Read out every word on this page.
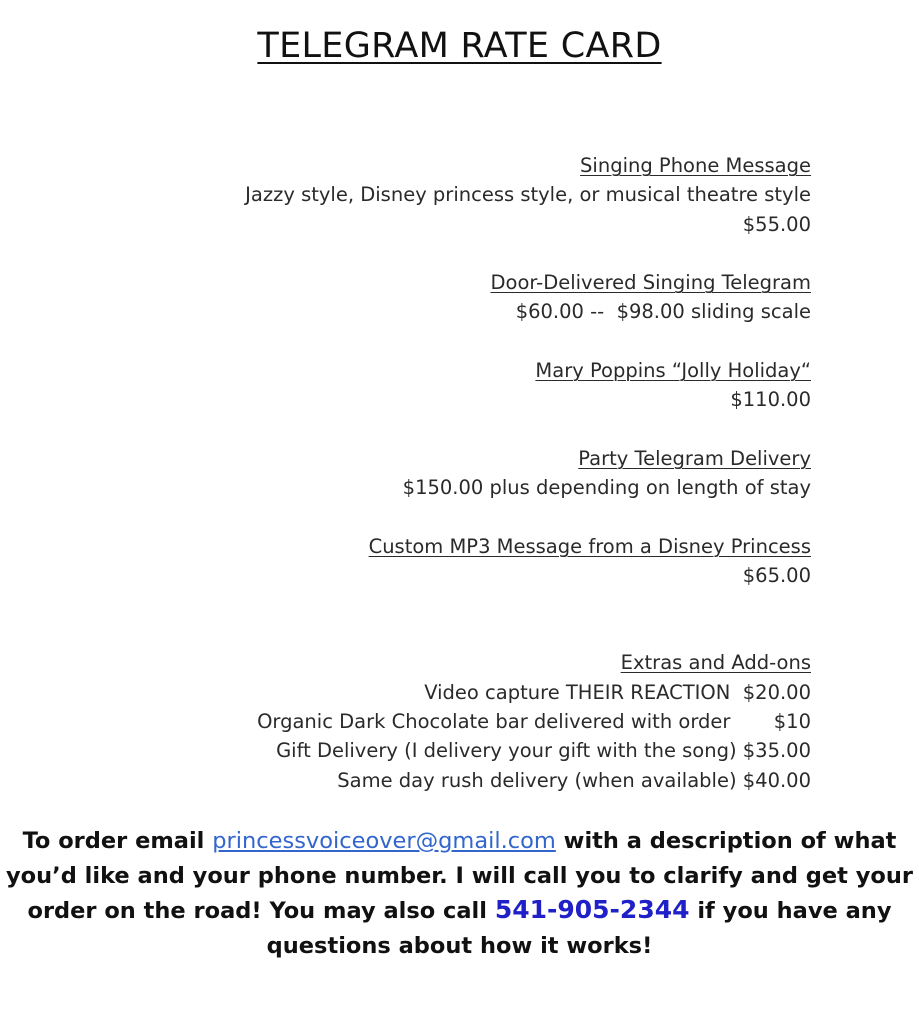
TELEGRAM RATE CARD
Singing Phone Message

Jazzy style, Disney princess style, or musical theatre style

$55.00

Door-Delivered Singing Telegram

$60.00 --  $98.00 sliding scale

Mary Poppins “Jolly Holiday“

$110.00

Party Telegram Delivery

$150.00 plus depending on length of stay

Custom MP3 Message from a Disney Princess

$65.00

Extras and Add-ons

Video capture THEIR REACTION  $20.00

Organic Dark Chocolate bar delivered with order       $10

Gift Delivery (I delivery your gift with the song) $35.00

Same day rush delivery (when available) $40.00

To order email princessvoiceover@gmail.com with a description of what you’d like and your phone number. I will call you to clarify and get your order on the road! You may also call 541-905-2344 if you have any questions about how it works!
